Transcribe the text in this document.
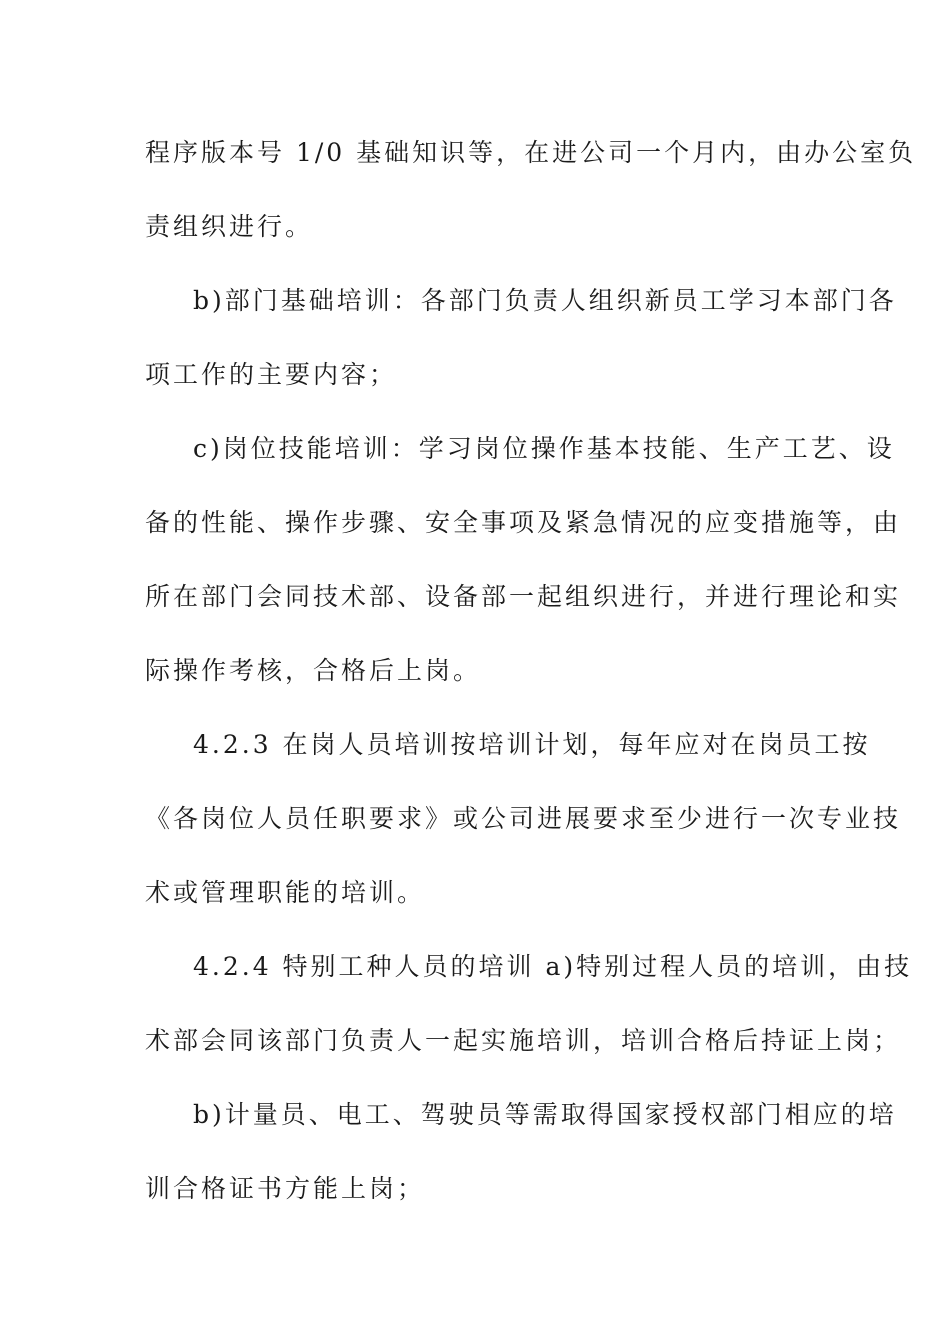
程序版本号 1/0 基础知识等，在进公司一个月内，由办公室负
责组织进行。
b)部门基础培训：各部门负责人组织新员工学习本部门各
项工作的主要内容；
c)岗位技能培训：学习岗位操作基本技能、生产工艺、设
备的性能、操作步骤、安全事项及紧急情况的应变措施等，由
所在部门会同技术部、设备部一起组织进行，并进行理论和实
际操作考核，合格后上岗。
4.2.3 在岗人员培训按培训计划，每年应对在岗员工按
《各岗位人员任职要求》或公司进展要求至少进行一次专业技
术或管理职能的培训。
4.2.4 特别工种人员的培训 a)特别过程人员的培训，由技
术部会同该部门负责人一起实施培训，培训合格后持证上岗；
b)计量员、电工、驾驶员等需取得国家授权部门相应的培
训合格证书方能上岗；
